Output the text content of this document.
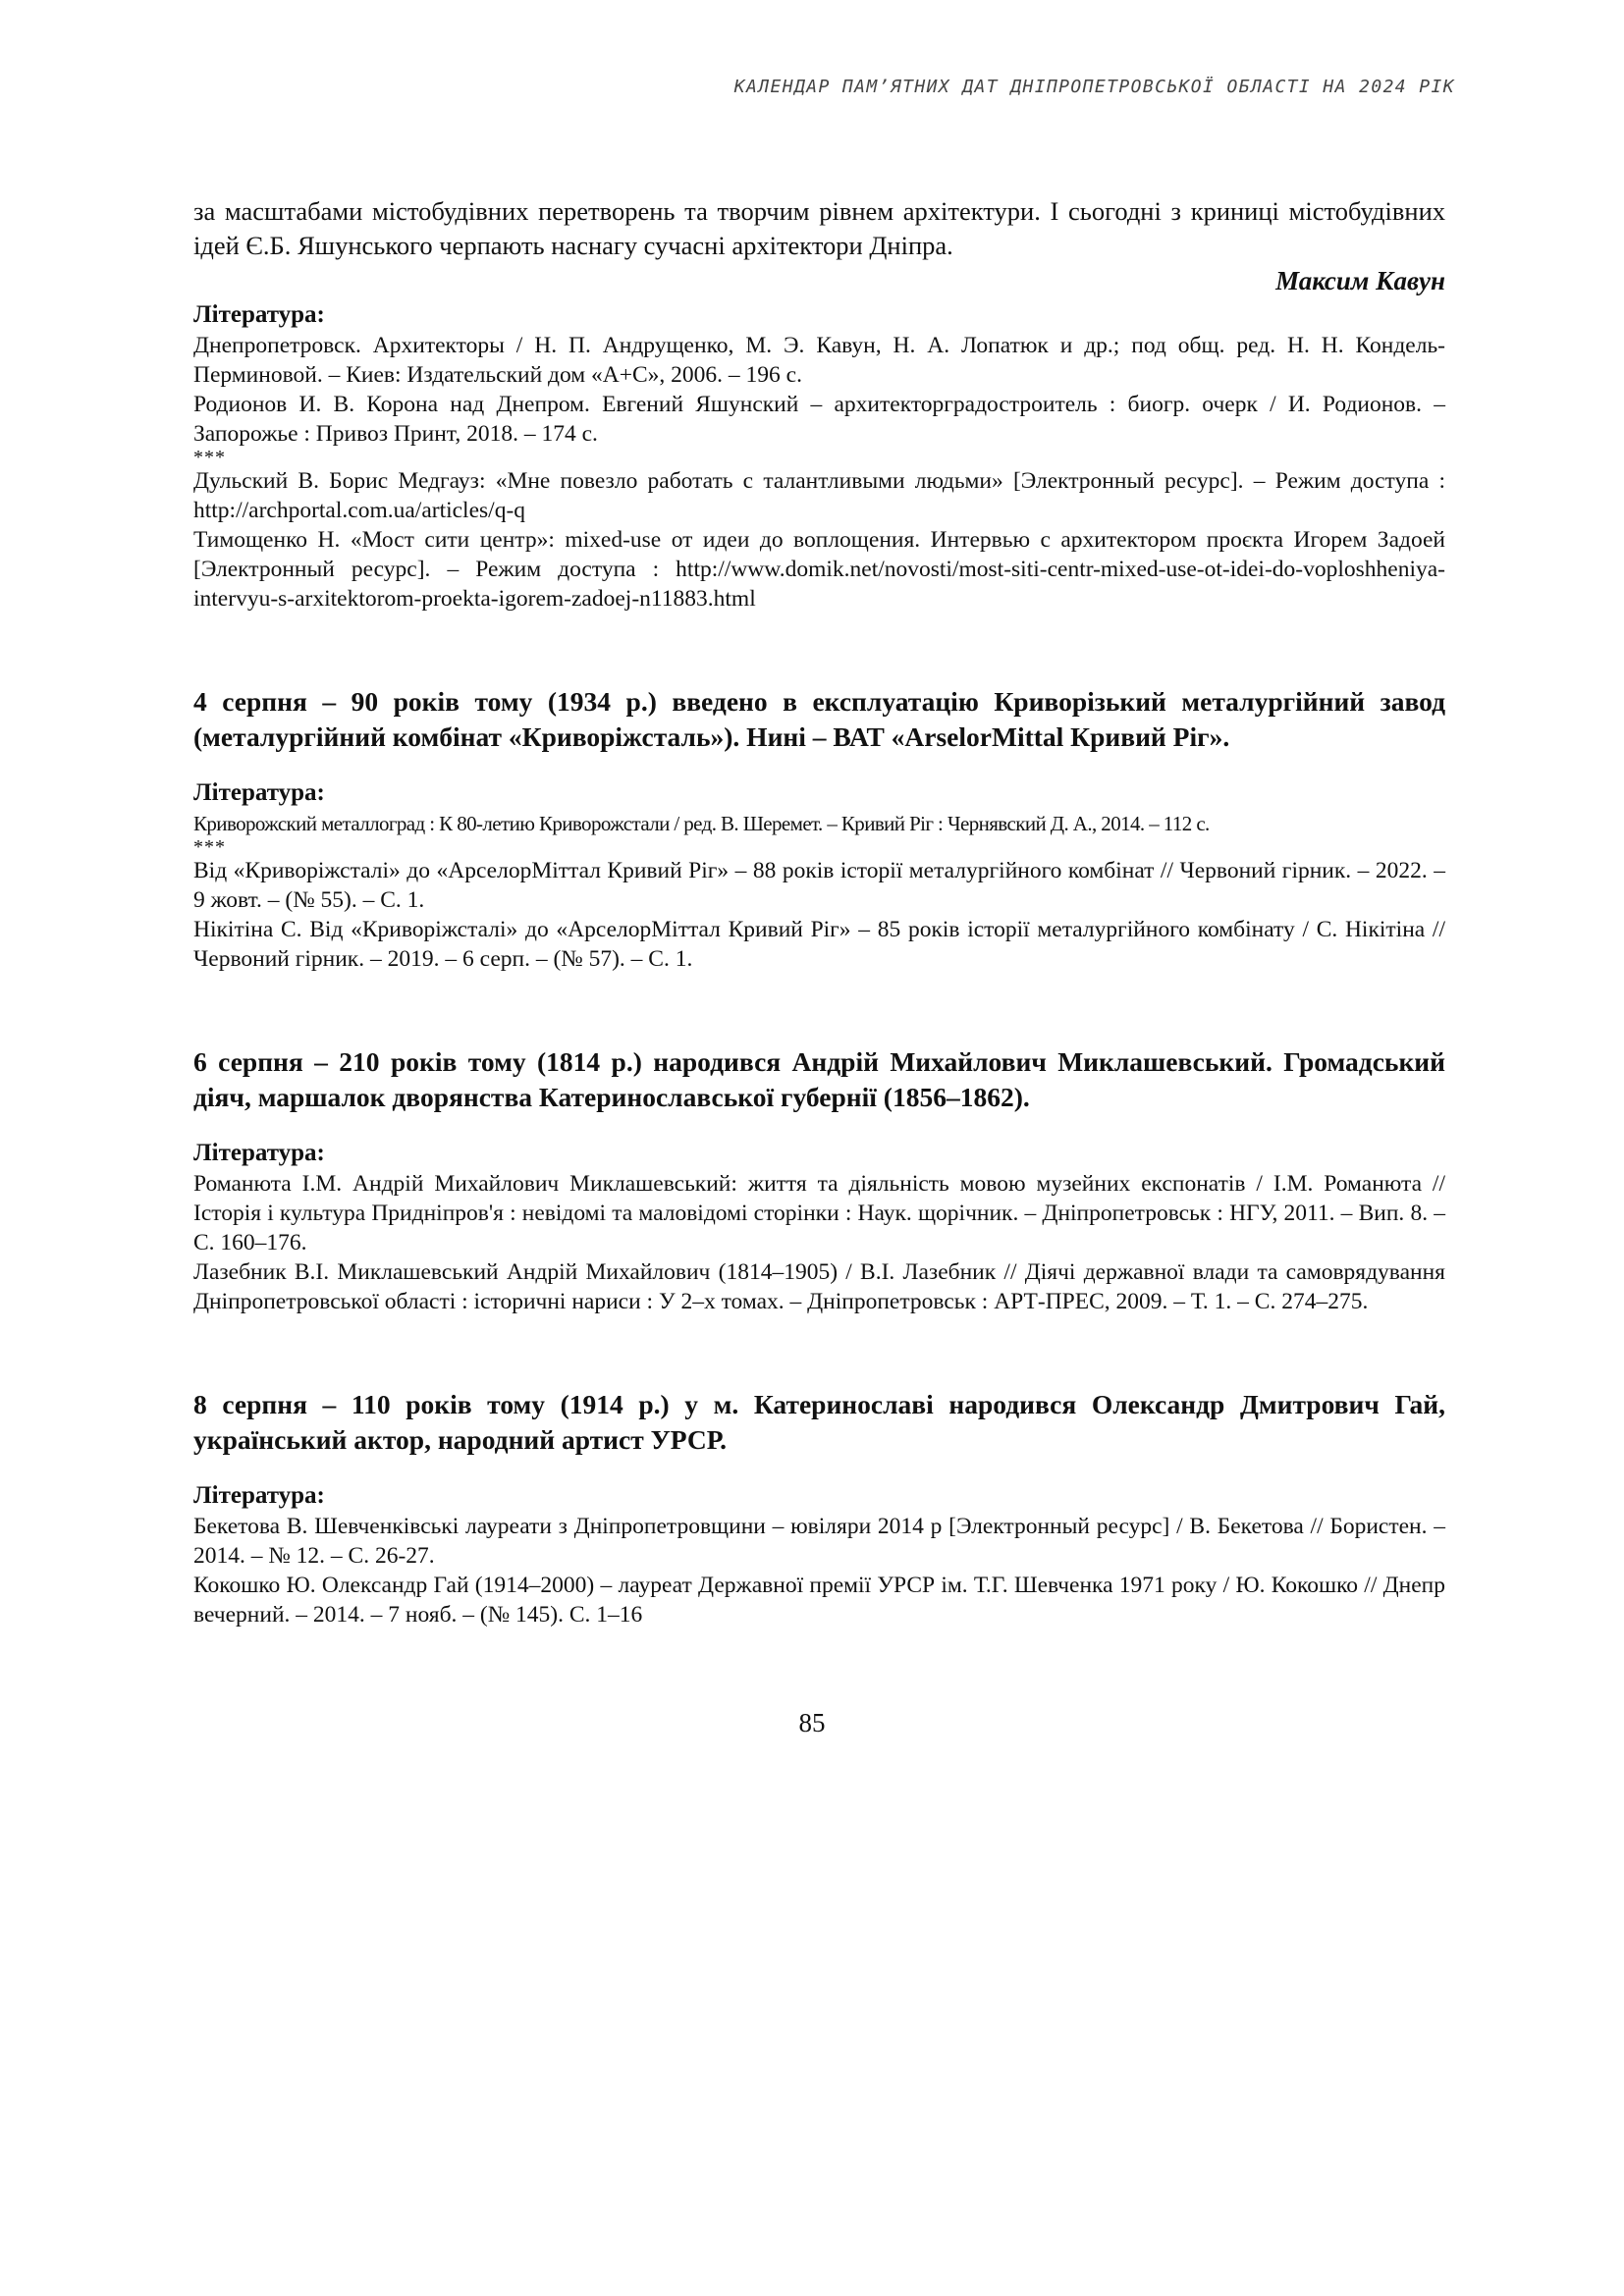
КАЛЕНДАР ПАМ’ЯТНИХ ДАТ ДНІПРОПЕТРОВСЬКОЇ ОБЛАСТІ НА 2024 РІК

за масштабами містобудівних перетворень та творчим рівнем архітектури. І сьогодні з криниці містобудівних ідей Є.Б. Яшунського черпають наснагу сучасні архітектори Дніпра.

Максим Кавун

Література:

Днепропетровск. Архитекторы / Н. П. Андрущенко, М. Э. Кавун, Н. А. Лопатюк и др.; под общ. ред. Н. Н. Кондель-Перминовой. – Киев: Издательский дом «А+С», 2006. – 196 с.

Родионов И. В. Корона над Днепром. Евгений Яшунский – архитекторградостроитель : биогр. очерк / И. Родионов. – Запорожье : Привоз Принт, 2018. – 174 с.

***

Дульский В. Борис Медгауз: «Мне повезло работать с талантливыми людьми» [Электронный ресурс]. – Режим доступа : http://archportal.com.ua/articles/q-q

Тимощенко Н. «Мост сити центр»: mixed-use от идеи до воплощения. Интервью с архитектором проєкта Игорем Задоей [Электронный ресурс]. – Режим доступа : http://www.domik.net/novosti/most-siti-centr-mixed-use-ot-idei-do-voploshheniya-intervyu-s-arxitektorom-proekta-igorem-zadoej-n11883.html

4 серпня – 90 років тому (1934 р.) введено в експлуатацію Криворізький металургійний завод (металургійний комбінат «Криворіжсталь»). Нині – ВАТ «ArselorMittal Кривий Ріг».

Література:

Криворожский металлоград : К 80-летию Криворожстали / ред. В. Шеремет. – Кривий Ріг : Чернявский Д. А., 2014. – 112 с.

***

Від «Криворіжсталі» до «АрселорМіттал Кривий Ріг» – 88 років історії металургійного комбінат // Червоний гірник. – 2022. – 9 жовт. – (№ 55). – С. 1.

Нікітіна С. Від «Криворіжсталі» до «АрселорМіттал Кривий Ріг» – 85 років історії металургійного комбінату / С. Нікітіна // Червоний гірник. – 2019. – 6 серп. – (№ 57). – С. 1.

6 серпня – 210 років тому (1814 р.) народився Андрій Михайлович Миклашевський. Громадський діяч, маршалок дворянства Катеринославської губернії (1856–1862).

Література:

Романюта І.М. Андрій Михайлович Миклашевський: життя та діяльність мовою музейних експонатів / І.М. Романюта // Історія і культура Придніпров'я : невідомі та маловідомі сторінки : Наук. щорічник. – Дніпропетровськ : НГУ, 2011. – Вип. 8. – С. 160–176.

Лазебник В.І. Миклашевський Андрій Михайлович (1814–1905) / В.І. Лазебник // Діячі державної влади та самоврядування Дніпропетровської області : історичні нариси : У 2–х томах. – Дніпропетровськ : АРТ-ПРЕС, 2009. – Т. 1. – С. 274–275.

8 серпня – 110 років тому (1914 р.) у м. Катеринославі народився Олександр Дмитрович Гай, український актор, народний артист УРСР.

Література:

Бекетова В. Шевченківські лауреати з Дніпропетровщини – ювіляри 2014 р [Электронный ресурс] / В. Бекетова // Бористен. – 2014. – № 12. – С. 26-27.

Кокошко Ю. Олександр Гай (1914–2000) – лауреат Державної премії УРСР ім. Т.Г. Шевченка 1971 року / Ю. Кокошко // Днепр вечерний. – 2014. – 7 нояб. – (№ 145). С. 1–16

85
